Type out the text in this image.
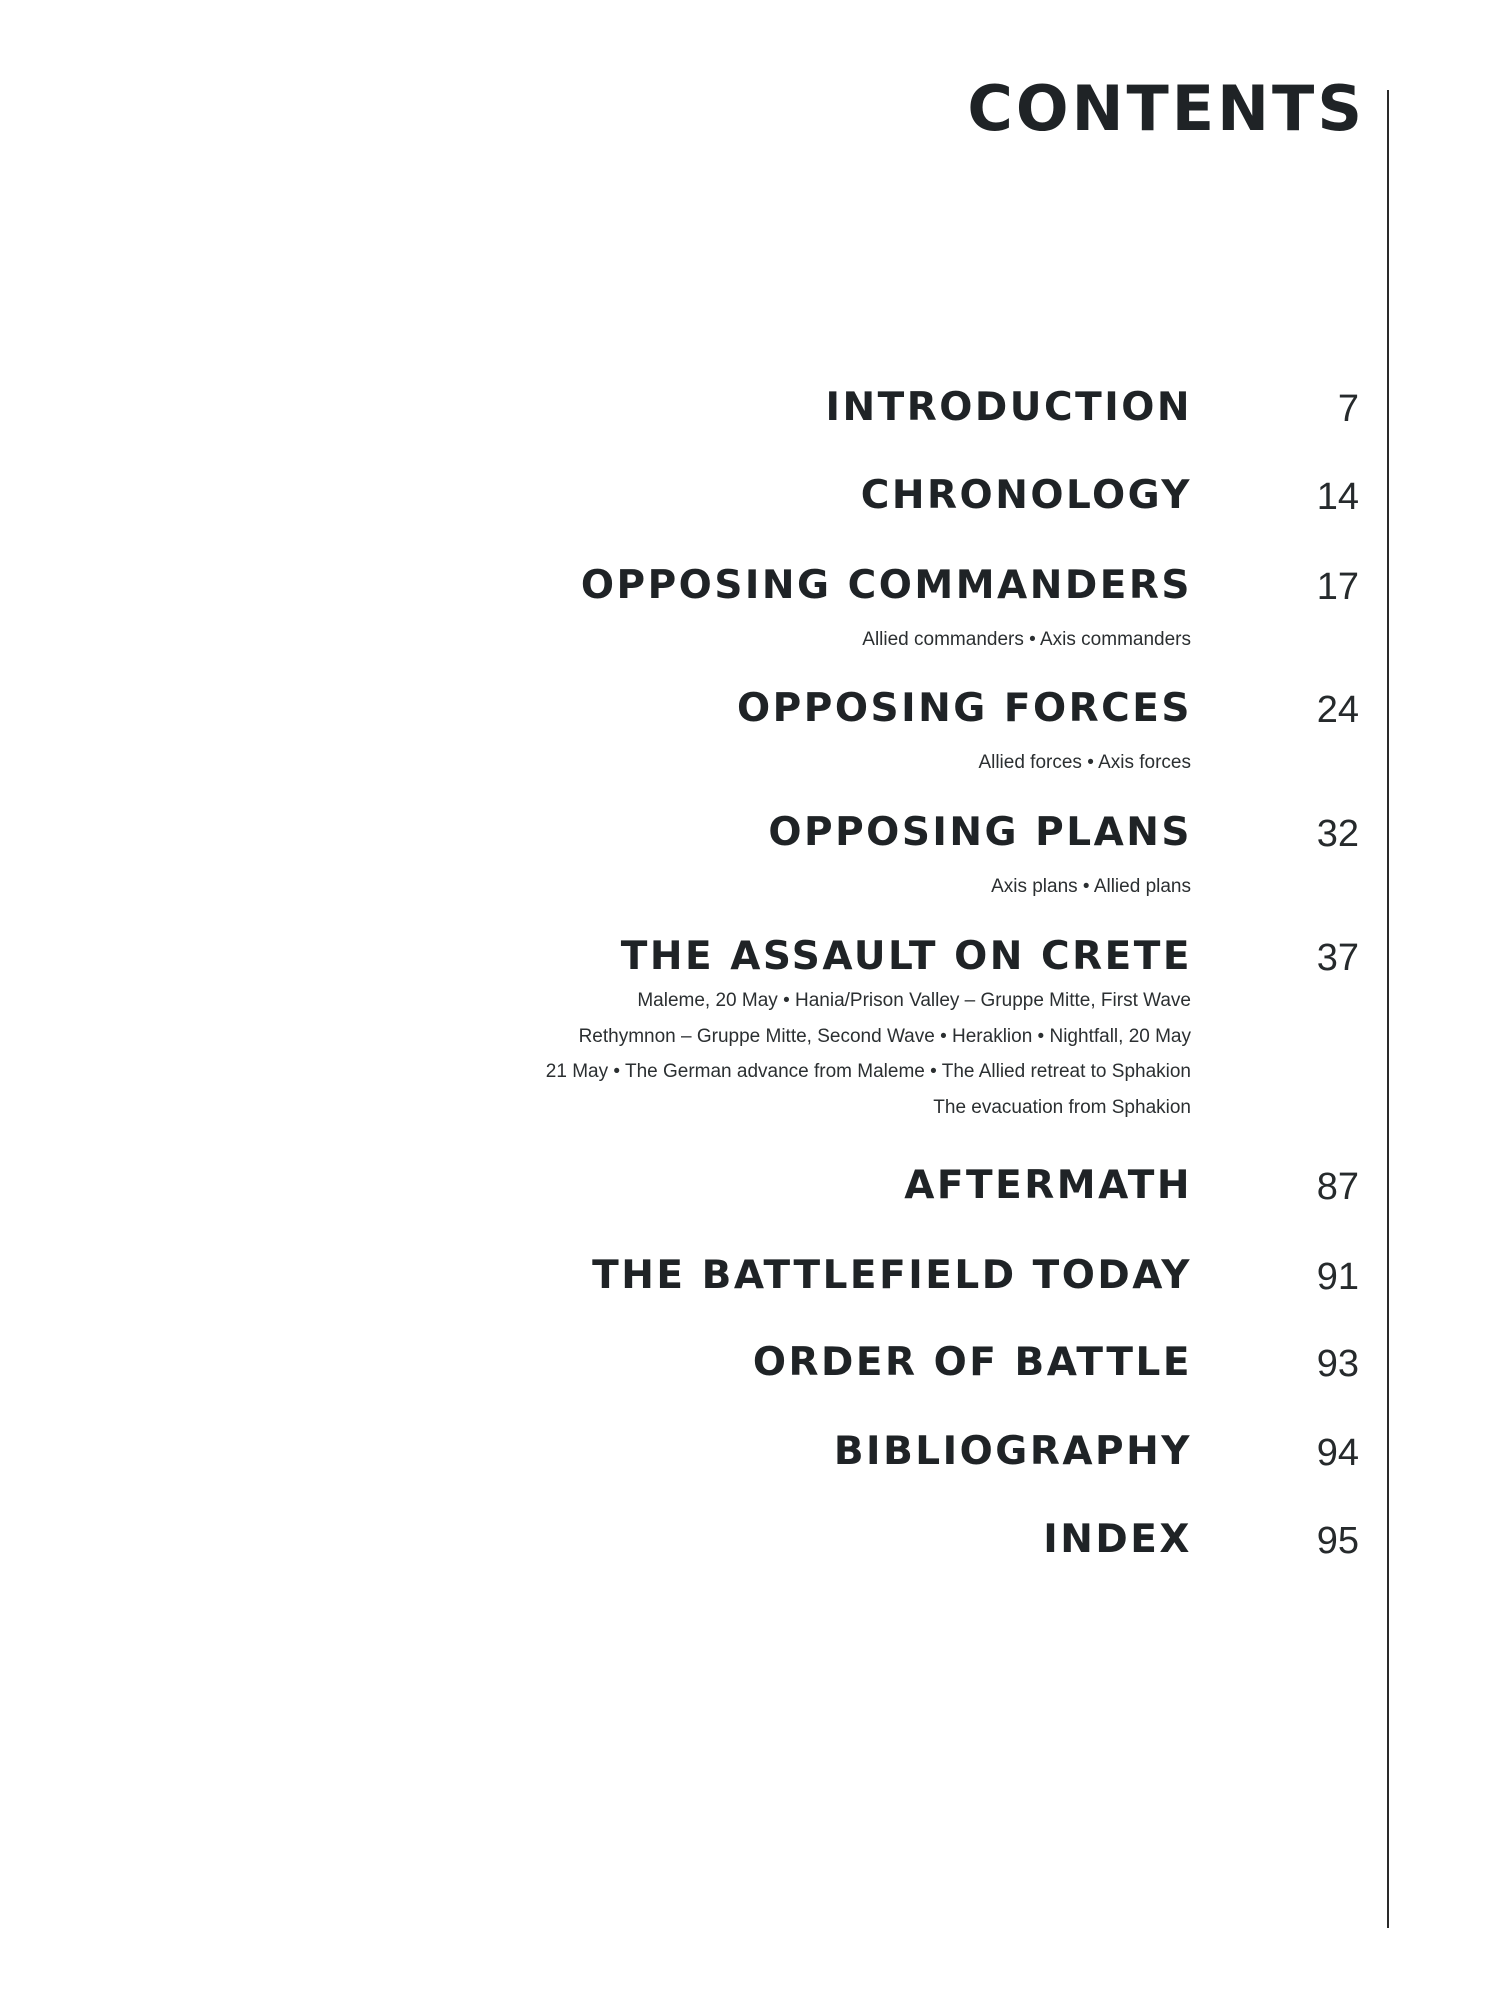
CONTENTS
INTRODUCTION	7
CHRONOLOGY	14
OPPOSING COMMANDERS	17
Allied commanders • Axis commanders
OPPOSING FORCES	24
Allied forces • Axis forces
OPPOSING PLANS	32
Axis plans • Allied plans
THE ASSAULT ON CRETE	37
Maleme, 20 May • Hania/Prison Valley – Gruppe Mitte, First Wave
Rethymnon – Gruppe Mitte, Second Wave • Heraklion • Nightfall, 20 May
21 May • The German advance from Maleme • The Allied retreat to Sphakion
The evacuation from Sphakion
AFTERMATH	87
THE BATTLEFIELD TODAY	91
ORDER OF BATTLE	93
BIBLIOGRAPHY	94
INDEX	95
